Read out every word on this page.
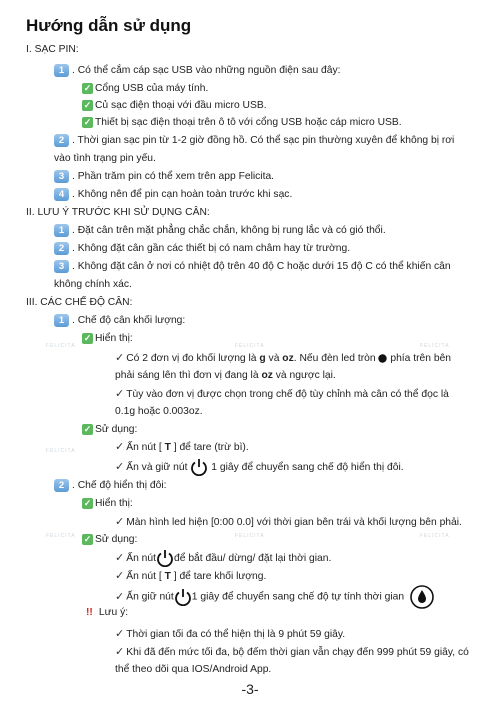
Hướng dẫn sử dụng
FELICITA
FELICITA
FELICITA
FELICITA
FELICITA
FELICITA
FELICITA
I. SẠC PIN:
1 . Có thể cắm cáp sạc USB vào những nguồn điện sau đây:
✓ Cổng USB của máy tính.
✓ Củ sạc điện thoại với đầu micro USB.
✓ Thiết bị sạc điện thoại trên ô tô với cổng USB hoặc cáp micro USB.
2 . Thời gian sạc pin từ 1-2 giờ đồng hồ. Có thể sạc pin thường xuyên để không bị rơi
vào tình trạng pin yếu.
3 . Phần trăm pin có thể xem trên app Felicita.
4 . Không nên để pin cạn hoàn toàn trước khi sạc.
II. LƯU Ý TRƯỚC KHI SỬ DỤNG CÂN:
1 . Đặt cân trên mặt phẳng chắc chắn, không bị rung lắc và có gió thổi.
2 . Không đặt cân gần các thiết bị có nam châm hay từ trường.
3 . Không đặt cân ở nơi có nhiệt độ trên 40 độ C hoặc dưới 15 độ C có thể khiến cân
không chính xác.
III. CÁC CHẾ ĐỘ CÂN:
1 . Chế độ cân khối lượng:
✓ Hiển thị:
✓ Có 2 đơn vị đo khối lượng là g và oz. Nếu đèn led tròn  phía trên bên
phải sáng lên thì đơn vị đang là oz và ngược lại.
✓ Tùy vào đơn vị được chọn trong chế độ tùy chỉnh mà cân có thể đọc là
0.1g hoặc 0.003oz.
✓ Sử dụng:
✓ Ấn nút [ T ] để tare (trừ bì).
✓ Ấn và giữ nút 1 giây để chuyển sang chế độ hiển thị đôi.
2 . Chế độ hiển thị đôi:
✓ Hiển thị:
✓ Màn hình led hiện [0:00 0.0] với thời gian bên trái và khối lượng bên phải.
✓ Sử dụng:
✓ Ấn nút để bắt đầu/ dừng/ đặt lại thời gian.
✓ Ấn nút [ T ] để tare khối lượng.
✓ Ấn giữ nút 1 giây để chuyển sang chế độ tự tính thời gian
!! Lưu ý:
✓ Thời gian tối đa có thể hiện thị là 9 phút 59 giây.
✓ Khi đã đến mức tối đa, bộ đếm thời gian vẫn chạy đến 999 phút 59 giây, có
thể theo dõi qua IOS/Android App.
-3-
